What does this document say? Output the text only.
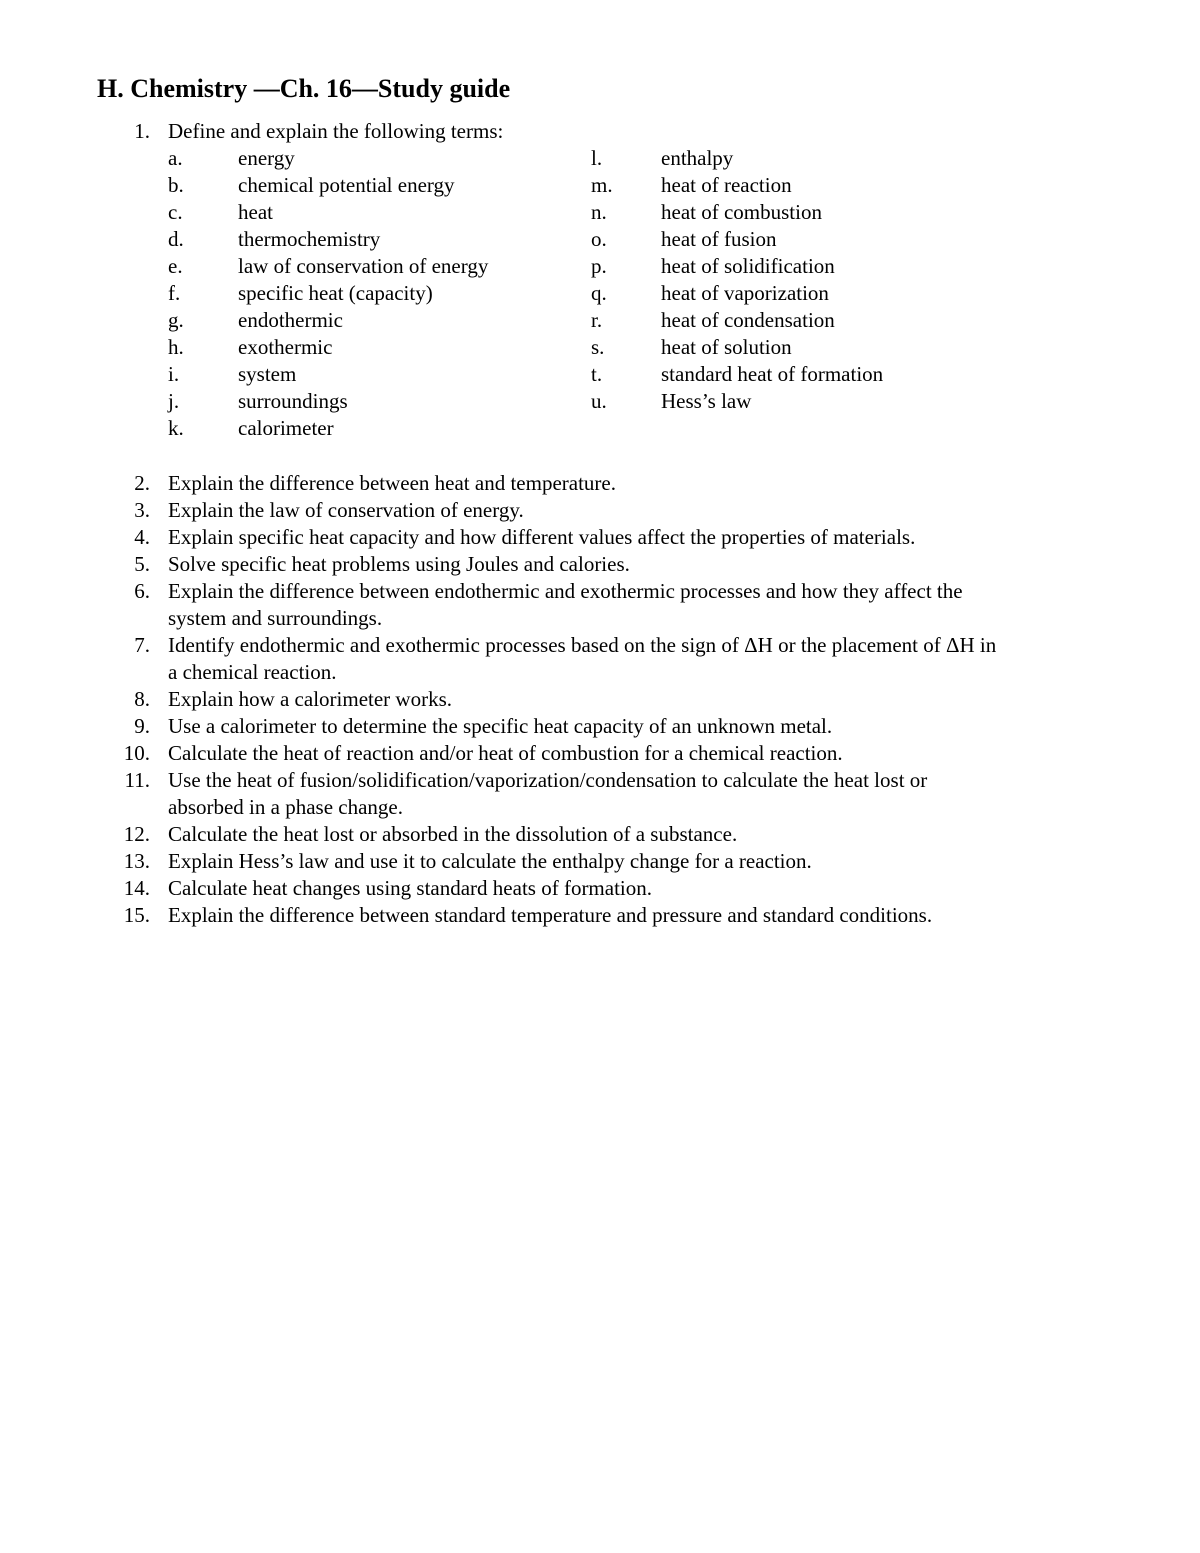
H. Chemistry —Ch. 16—Study guide
1. Define and explain the following terms:
a.	energy
b.	chemical potential energy
c.	heat
d.	thermochemistry
e.	law of conservation of energy
f.	specific heat (capacity)
g.	endothermic
h.	exothermic
i.	system
j.	surroundings
k.	calorimeter
l.	enthalpy
m. heat of reaction
n.	heat of combustion
o.	heat of fusion
p.	heat of solidification
q.	heat of vaporization
r.	heat of condensation
s.	heat of solution
t.	standard heat of formation
u.	Hess’s law
2. Explain the difference between heat and temperature.
3. Explain the law of conservation of energy.
4. Explain specific heat capacity and how different values affect the properties of materials.
5. Solve specific heat problems using Joules and calories.
6. Explain the difference between endothermic and exothermic processes and how they affect the
system and surroundings.
7. Identify endothermic and exothermic processes based on the sign of ΔH or the placement of ΔH in
a chemical reaction.
8. Explain how a calorimeter works.
9. Use a calorimeter to determine the specific heat capacity of an unknown metal.
10. Calculate the heat of reaction and/or heat of combustion for a chemical reaction.
11. Use the heat of fusion/solidification/vaporization/condensation to calculate the heat lost or
absorbed in a phase change.
12. Calculate the heat lost or absorbed in the dissolution of a substance.
13. Explain Hess’s law and use it to calculate the enthalpy change for a reaction.
14. Calculate heat changes using standard heats of formation.
15. Explain the difference between standard temperature and pressure and standard conditions.
